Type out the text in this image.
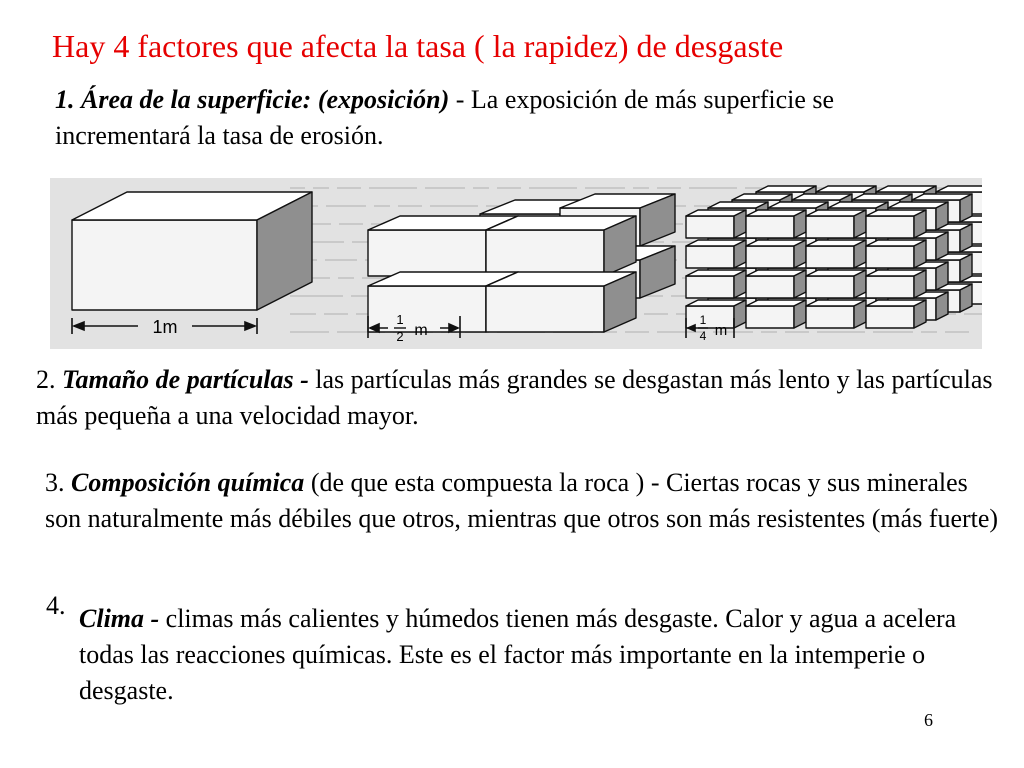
Hay 4 factores que afecta la tasa ( la rapidez) de desgaste
1. Área de la superficie: (exposición) - La exposición de más superficie se incrementará la tasa de erosión.
1m	1
2 m
1
4 m
2. Tamaño de partículas - las partículas más grandes se desgastan más lento y las partículas más pequeña a una velocidad mayor.
3. Composición química (de que esta compuesta la roca ) - Ciertas rocas y sus minerales son naturalmente más débiles que otros, mientras que otros son más resistentes (más fuerte)
4. Clima - climas más calientes y húmedos tienen más desgaste. Calor y agua a acelera todas las reacciones químicas. Este es el factor más importante en la intemperie o desgaste.
6
